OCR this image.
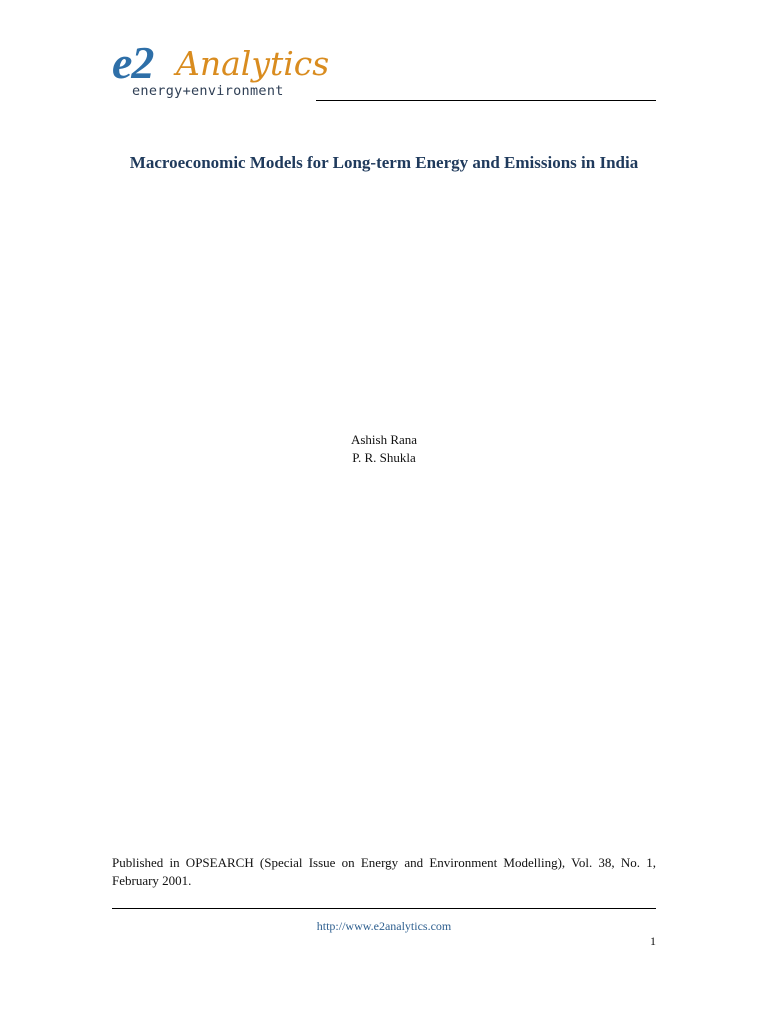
e2 Analytics
energy+environment
Macroeconomic Models for Long-term Energy and Emissions in India
Ashish Rana
P. R. Shukla
Published in OPSEARCH (Special Issue on Energy and Environment Modelling), Vol. 38, No. 1, February 2001.
http://www.e2analytics.com
1
